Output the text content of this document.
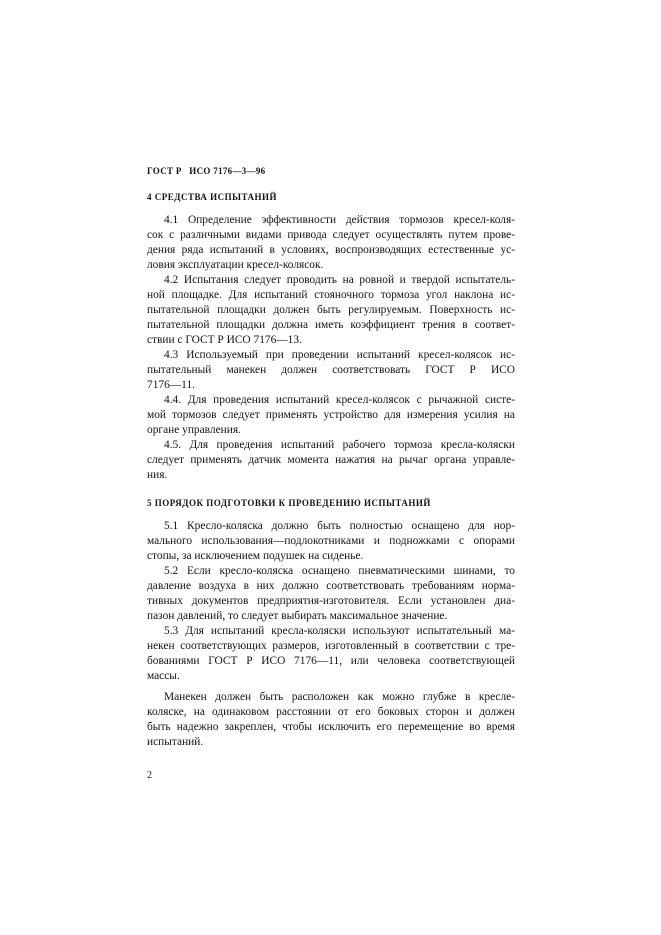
ГОСТ Р   ИСО 7176—3—96
4 СРЕДСТВА ИСПЫТАНИЙ
4.1 Определение эффективности действия тормозов кресел-коля-
сок с различными видами привода следует осуществлять путем прове-
дения ряда испытаний в условиях, воспроизводящих естественные ус-
ловия эксплуатации кресел-колясок.
4.2 Испытания следует проводить на ровной и твердой испытатель-
ной площадке. Для испытаний стояночного тормоза угол наклона ис-
пытательной площадки должен быть регулируемым. Поверхность ис-
пытательной площадки должна иметь коэффициент трения в соответ-
ствии с ГОСТ Р ИСО 7176—13.
4.3 Используемый при проведении испытаний кресел-колясок ис-
пытательный манекен должен соответствовать ГОСТ Р ИСО
7176—11.
4.4. Для проведения испытаний кресел-колясок с рычажной систе-
мой тормозов следует применять устройство для измерения усилия на
органе управления.
4.5. Для проведения испытаний рабочего тормоза кресла-коляски
следует применять датчик момента нажатия на рычаг органа управле-
ния.
5 ПОРЯДОК ПОДГОТОВКИ К ПРОВЕДЕНИЮ ИСПЫТАНИЙ
5.1 Кресло-коляска должно быть полностью оснащено для нор-
мального использования—подлокотниками и подножками с опорами
стопы, за исключением подушек на сиденье.
5.2 Если кресло-коляска оснащено пневматическими шинами, то
давление воздуха в них должно соответствовать требованиям норма-
тивных документов предприятия-изготовителя. Если установлен диа-
пазон давлений, то следует выбирать максимальное значение.
5.3 Для испытаний кресла-коляски используют испытательный ма-
некен соответствующих размеров, изготовленный в соответствии с тре-
бованиями ГОСТ Р ИСО 7176—11, или человека соответствующей
массы.
Манекен должен быть расположен как можно глубже в кресле-
коляске, на одинаковом расстоянии от его боковых сторон и должен
быть надежно закреплен, чтобы исключить его перемещение во время
испытаний.
2
